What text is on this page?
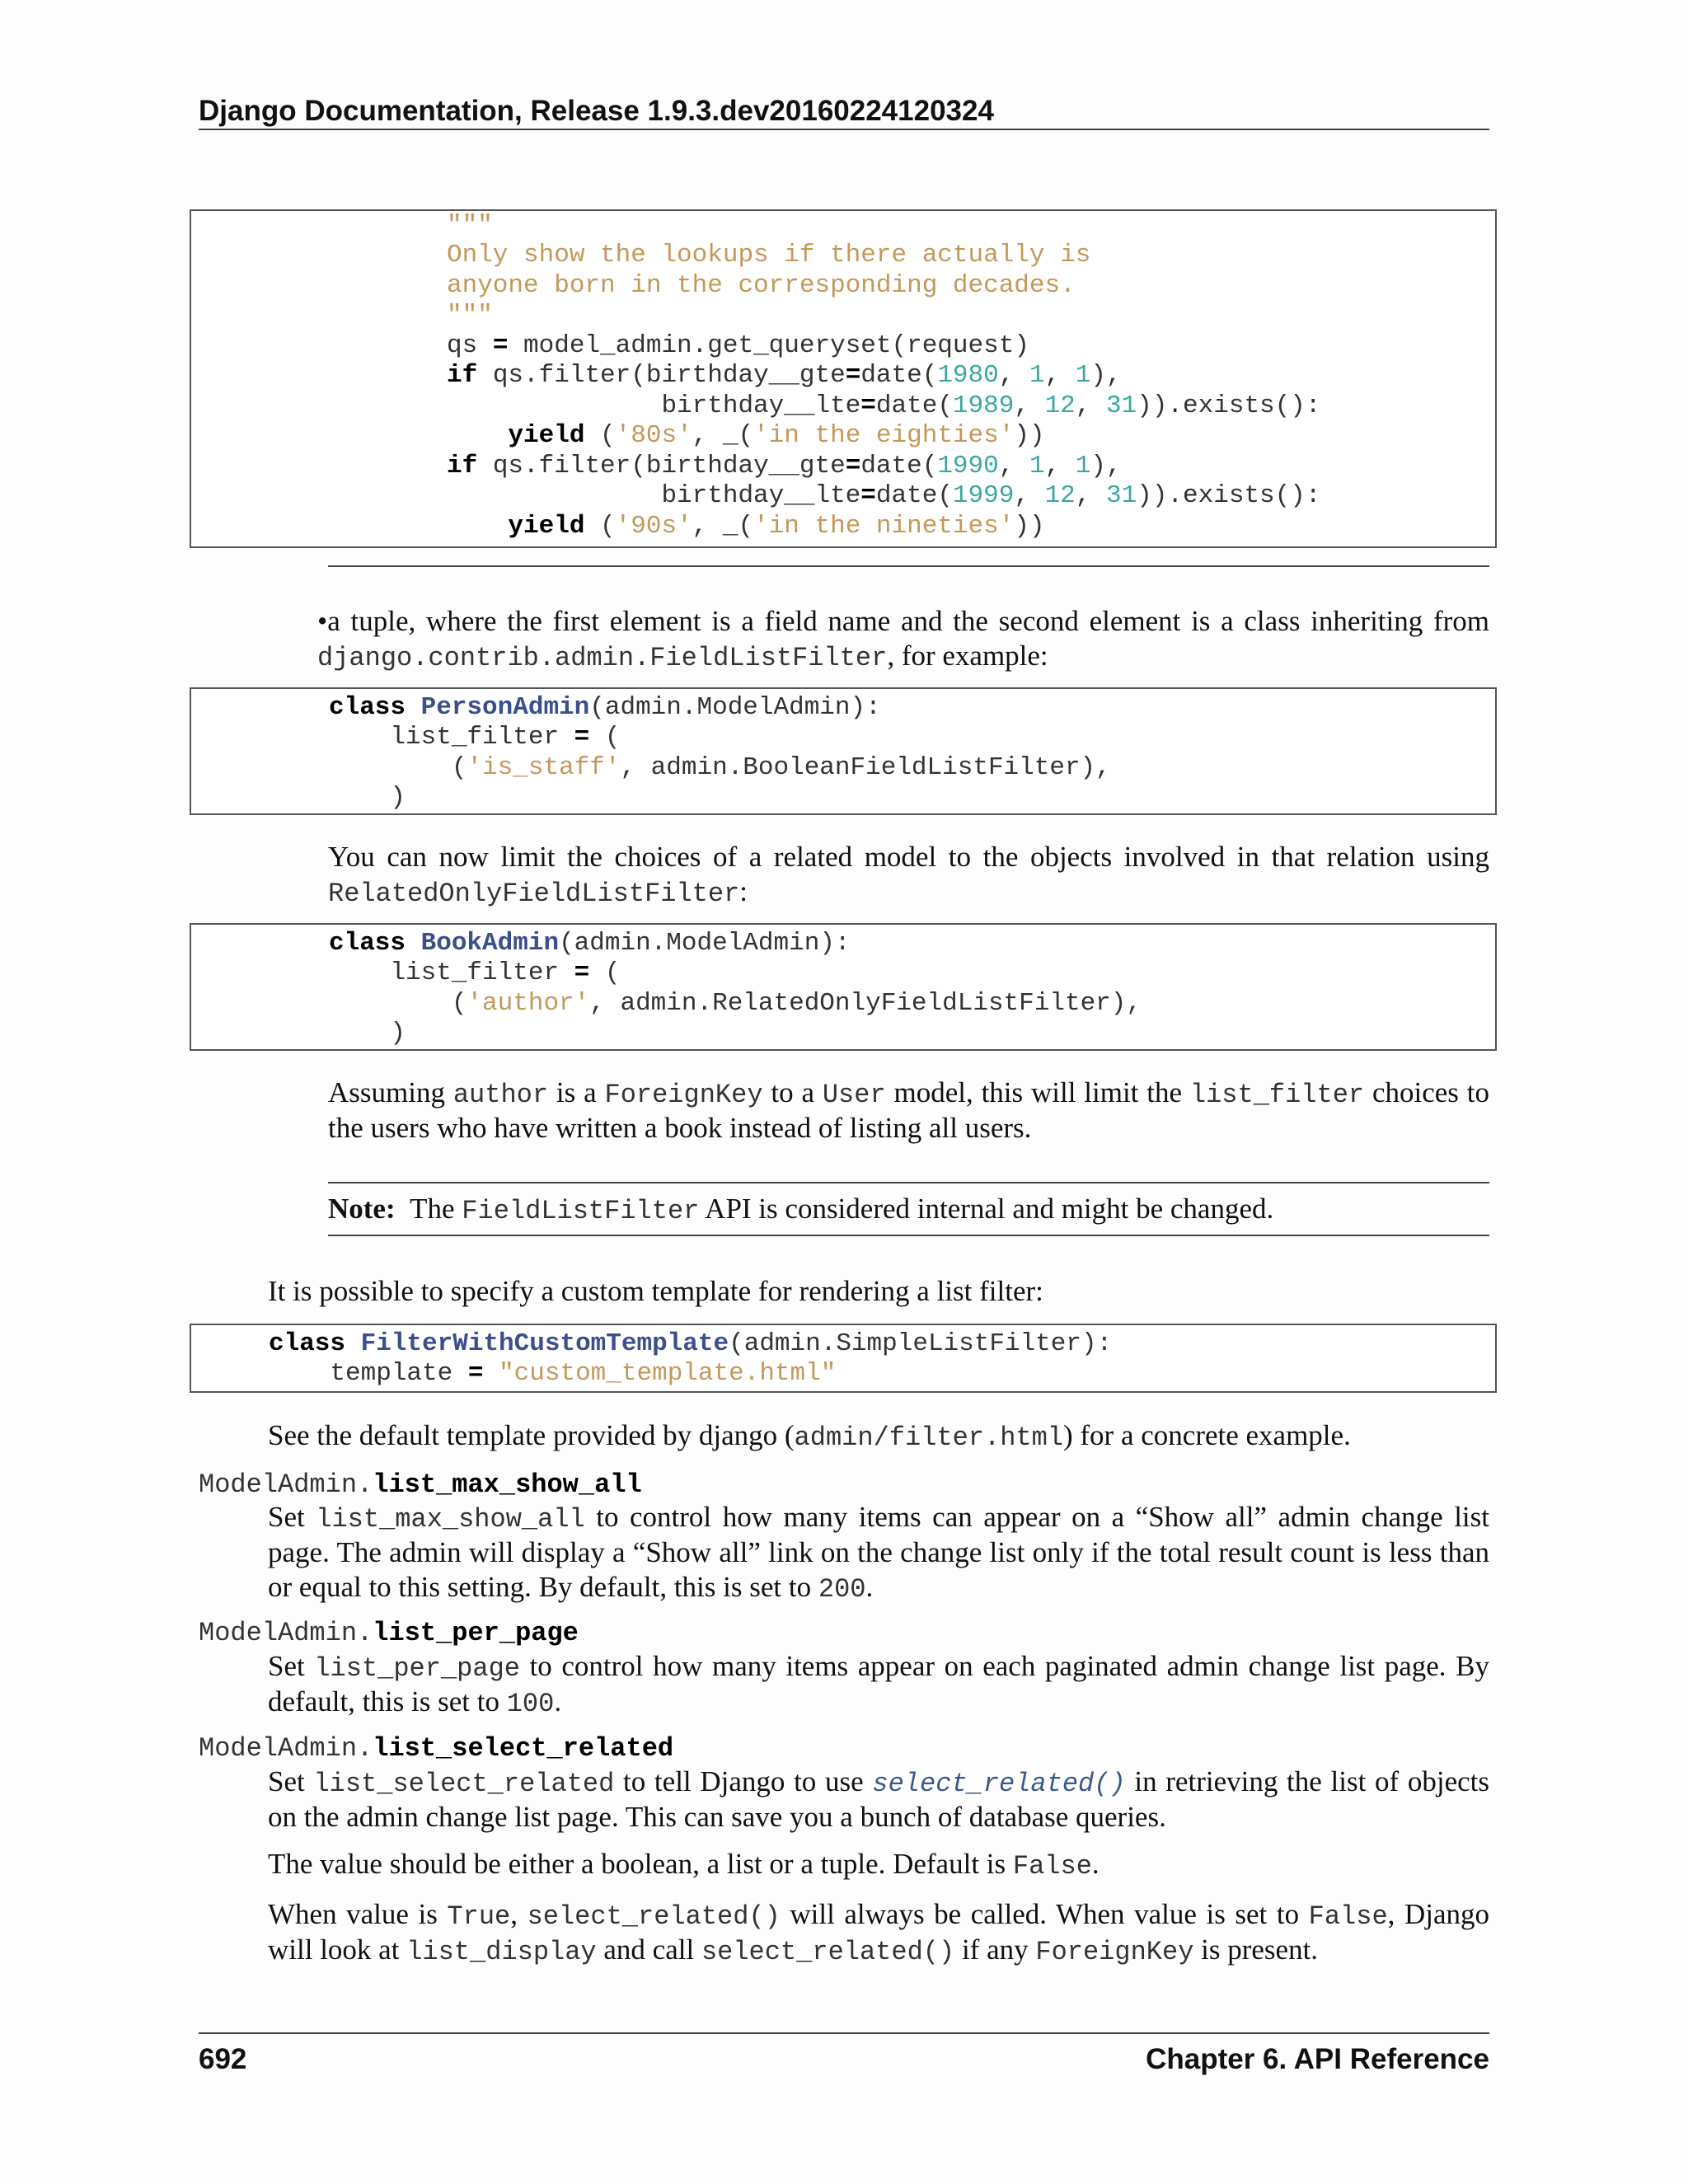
Django Documentation, Release 1.9.3.dev20160224120324
"""
Only show the lookups if there actually is
anyone born in the corresponding decades.
"""
qs = model_admin.get_queryset(request)
if qs.filter(birthday__gte=date(1980, 1, 1),
birthday__lte=date(1989, 12, 31)).exists():
yield ('80s', _('in the eighties'))
if qs.filter(birthday__gte=date(1990, 1, 1),
birthday__lte=date(1999, 12, 31)).exists():
yield ('90s', _('in the nineties'))
•a tuple, where the first element is a field name and the second element is a class inheriting from django.contrib.admin.FieldListFilter, for example:
class PersonAdmin(admin.ModelAdmin):
list_filter = (
('is_staff', admin.BooleanFieldListFilter),
)
You can now limit the choices of a related model to the objects involved in that relation using RelatedOnlyFieldListFilter:
class BookAdmin(admin.ModelAdmin):
list_filter = (
('author', admin.RelatedOnlyFieldListFilter),
)
Assuming author is a ForeignKey to a User model, this will limit the list_filter choices to the users who have written a book instead of listing all users.
Note: The FieldListFilter API is considered internal and might be changed.
It is possible to specify a custom template for rendering a list filter:
class FilterWithCustomTemplate(admin.SimpleListFilter):
template = "custom_template.html"
See the default template provided by django (admin/filter.html) for a concrete example.
ModelAdmin.list_max_show_all
Set list_max_show_all to control how many items can appear on a “Show all” admin change list page. The admin will display a “Show all” link on the change list only if the total result count is less than or equal to this setting. By default, this is set to 200.
ModelAdmin.list_per_page
Set list_per_page to control how many items appear on each paginated admin change list page. By default, this is set to 100.
ModelAdmin.list_select_related
Set list_select_related to tell Django to use select_related() in retrieving the list of objects on the admin change list page. This can save you a bunch of database queries.
The value should be either a boolean, a list or a tuple. Default is False.
When value is True, select_related() will always be called. When value is set to False, Django will look at list_display and call select_related() if any ForeignKey is present.
692	Chapter 6. API Reference
